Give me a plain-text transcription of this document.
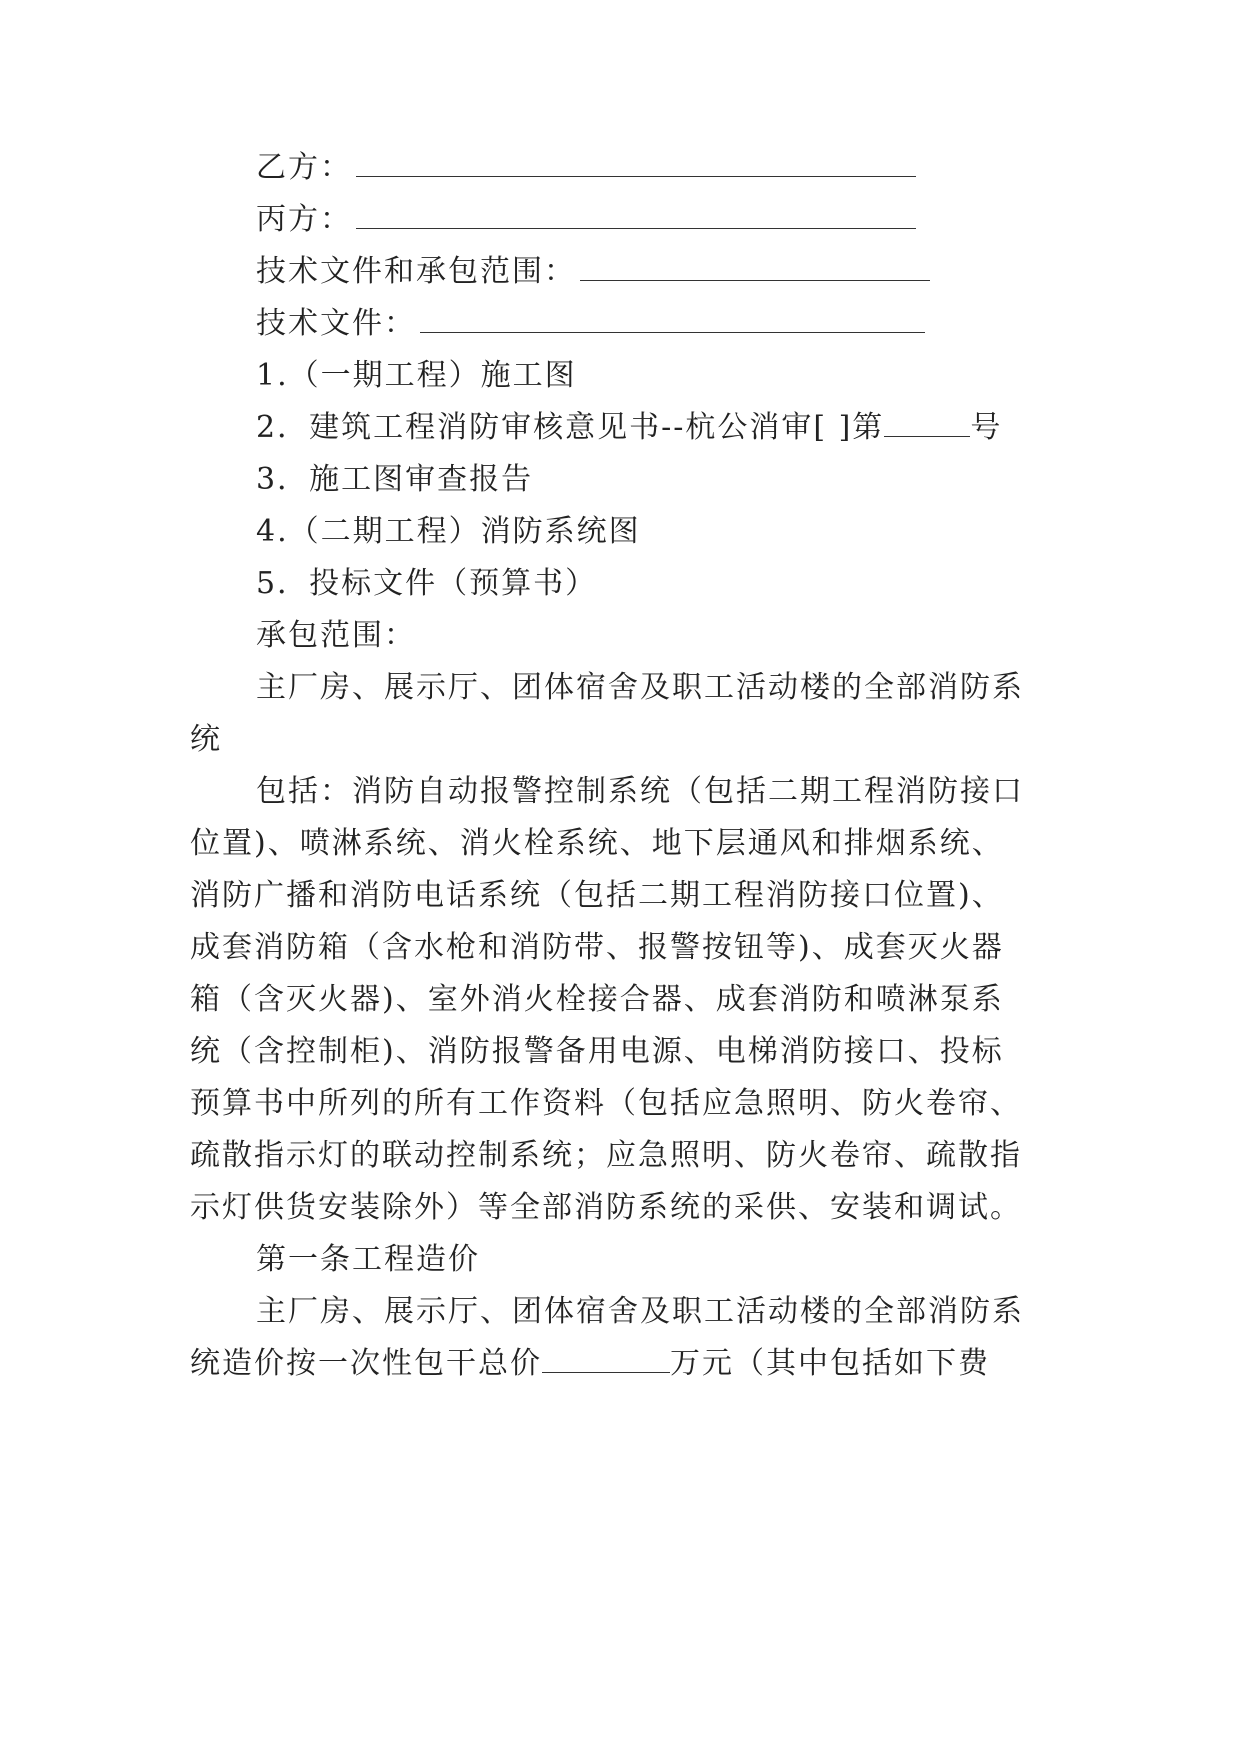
乙方：
丙方：
技术文件和承包范围：
技术文件：
1.（一期工程）施工图
2．建筑工程消防审核意见书--杭公消审[ ]第	号
3．施工图审查报告
4.（二期工程）消防系统图
5．投标文件（预算书）
承包范围：
主厂房、展示厅、团体宿舍及职工活动楼的全部消防系
统
包括：消防自动报警控制系统（包括二期工程消防接口
位置)、喷淋系统、消火栓系统、地下层通风和排烟系统、
消防广播和消防电话系统（包括二期工程消防接口位置)、
成套消防箱（含水枪和消防带、报警按钮等)、成套灭火器
箱（含灭火器)、室外消火栓接合器、成套消防和喷淋泵系
统（含控制柜)、消防报警备用电源、电梯消防接口、投标
预算书中所列的所有工作资料（包括应急照明、防火卷帘、
疏散指示灯的联动控制系统；应急照明、防火卷帘、疏散指
示灯供货安装除外）等全部消防系统的采供、安装和调试。
第一条工程造价
主厂房、展示厅、团体宿舍及职工活动楼的全部消防系
统造价按一次性包干总价	万元（其中包括如下费
